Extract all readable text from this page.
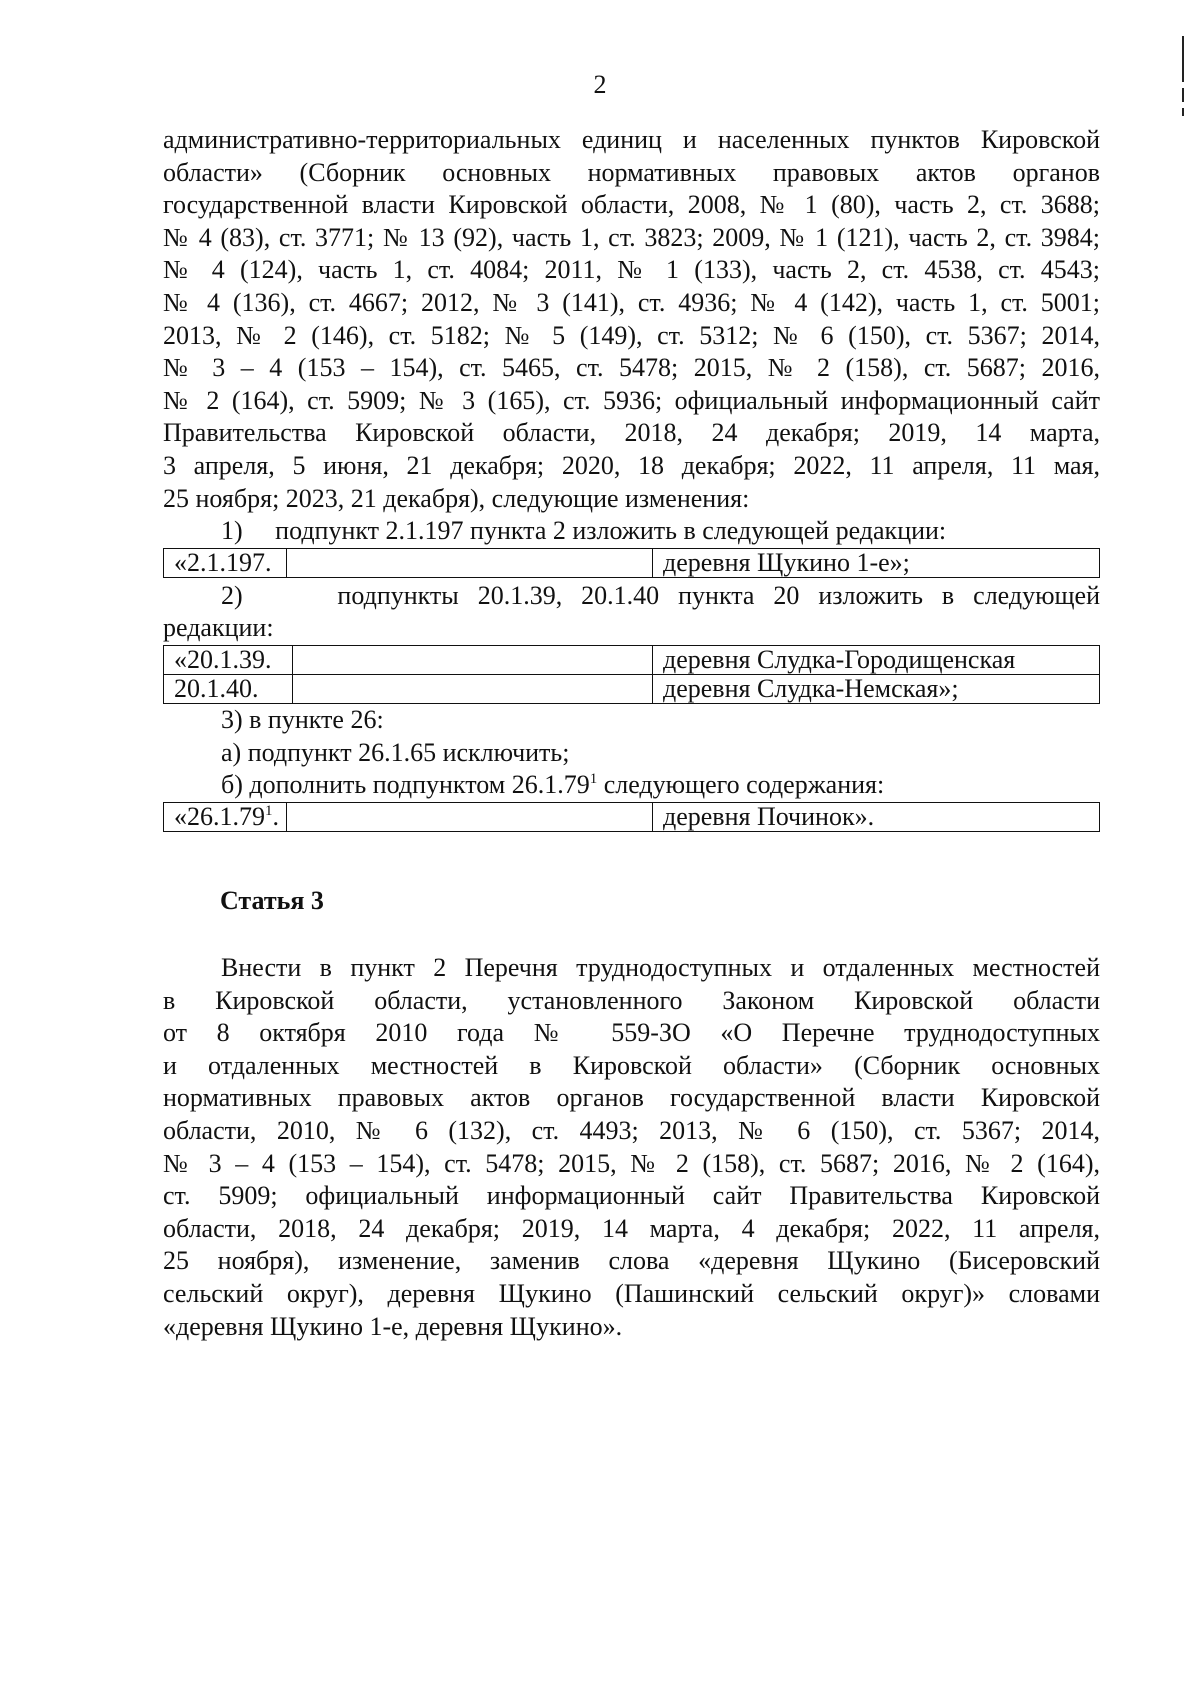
2
административно-территориальных единиц и населенных пунктов Кировской
области» (Сборник основных нормативных правовых актов органов
государственной власти Кировской области, 2008, № 1 (80), часть 2, ст. 3688;
№ 4 (83), ст. 3771; № 13 (92), часть 1, ст. 3823; 2009, № 1 (121), часть 2, ст. 3984;
№ 4 (124), часть 1, ст. 4084; 2011, № 1 (133), часть 2, ст. 4538, ст. 4543;
№ 4 (136), ст. 4667; 2012, № 3 (141), ст. 4936; № 4 (142), часть 1, ст. 5001;
2013, № 2 (146), ст. 5182; № 5 (149), ст. 5312; № 6 (150), ст. 5367; 2014,
№ 3 – 4 (153 – 154), ст. 5465, ст. 5478; 2015, № 2 (158), ст. 5687; 2016,
№ 2 (164), ст. 5909; № 3 (165), ст. 5936; официальный информационный сайт
Правительства Кировской области, 2018, 24 декабря; 2019, 14 марта,
3 апреля, 5 июня, 21 декабря; 2020, 18 декабря; 2022, 11 апреля, 11 мая,
25 ноября; 2023, 21 декабря), следующие изменения:
1)     подпункт 2.1.197 пункта 2 изложить в следующей редакции:
«2.1.197.		деревня Щукино 1-е»;
2)     подпункты 20.1.39, 20.1.40 пункта 20 изложить в следующей
редакции:
«20.1.39.		деревня Слудка-Городищенская
20.1.40.		деревня Слудка-Немская»;
3) в пункте 26:
а) подпункт 26.1.65 исключить;
б) дополнить подпунктом 26.1.79$^1$ следующего содержания:
«26.1.79$^1$.		деревня Починок».
Статья 3
Внести в пункт 2 Перечня труднодоступных и отдаленных местностей
в Кировской области, установленного Законом Кировской области
от 8 октября 2010 года № 559-ЗО «О Перечне труднодоступных
и отдаленных местностей в Кировской области» (Сборник основных
нормативных правовых актов органов государственной власти Кировской
области, 2010, № 6 (132), ст. 4493; 2013, № 6 (150), ст. 5367; 2014,
№ 3 – 4 (153 – 154), ст. 5478; 2015, № 2 (158), ст. 5687; 2016, № 2 (164),
ст. 5909; официальный информационный сайт Правительства Кировской
области, 2018, 24 декабря; 2019, 14 марта, 4 декабря; 2022, 11 апреля,
25 ноября), изменение, заменив слова «деревня Щукино (Бисеровский
сельский округ), деревня Щукино (Пашинский сельский округ)» словами
«деревня Щукино 1-е, деревня Щукино».
